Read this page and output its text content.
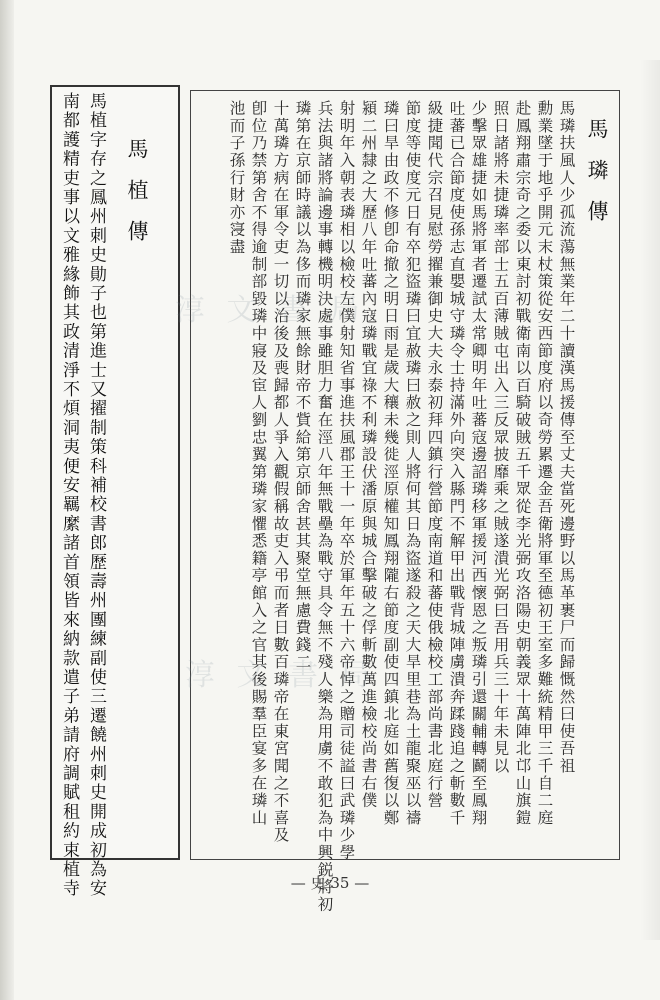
馬璘傳
馬璘扶風人少孤流蕩無業年二十讀漢馬援傳至丈夫當死邊野以馬革裹尸而歸慨然曰使吾祖
勳業墜于地乎開元末杖策從安西節度府以奇勞累遷金吾衛將軍至德初王室多難統精甲三千自二庭
赴鳳翔肅宗奇之委以東討初戰衛南以百騎破賊五千眾從李光弼攻洛陽史朝義眾十萬陣北邙山旗鎧
照日諸將未捷璘率部士五百薄賊屯出入三反眾披靡乘之賊遂潰光弼曰吾用兵三十年未見以
少擊眾雄捷如馬將軍者遷試太常卿明年吐蕃寇邊詔璘移軍援河西懷恩之叛璘引還關輔轉鬬至鳳翔
吐蕃已合節度使孫志直嬰城守璘令士持滿外向突入縣門不解甲出戰背城陣虜潰奔蹂踐追之斬數千
級捷聞代宗召見慰勞擢兼御史大夫永泰初拜四鎮行營節度南道和蕃使俄檢校工部尚書北庭行營
節度等使度元日有卒犯盜璘曰宜赦璘曰赦之則人將何其日為盜遂殺之天大旱里巷為土龍聚巫以禱
璘曰旱由政不修卽命撤之明日雨是歲大穰未幾徙涇原權知鳳翔隴右節度副使四鎮北庭如舊復以鄭
潁二州隸之大歷八年吐蕃內寇璘戰宜祿不利璘設伏潘原與城合擊破之俘斬數萬進檢校尚書右僕
射明年入朝表璘相以檢校左僕射知省事進扶風郡王十一年卒於軍年五十六帝悼之贈司徒謚曰武璘少學
兵法與諸將論邊事轉機明決處事雖胆力奮在涇八年無戰壘為戰守具令無不殘人樂為用虜不敢犯為中興鋭將初
璘第在京師時議以為侈而璘家無餘財帝不貲給第京師舍甚其聚堂無慮費錢二
十萬璘方病在軍令吏一切以治後及喪歸都人爭入觀假稱故吏入弔而者日數百璘帝在東宮聞之不喜及
卽位乃禁第舍不得逾制部毀璘中寢及宦人劉忠翼第璘家懼悉籍亭館入之官其後賜羣臣宴多在璘山
池而子孫行財亦寖盡
馬植傳
馬植字存之鳳州刺史勛子也第進士又擢制策科補校書郎歷壽州團練副使三遷饒州刺史開成初為安
南都護精吏事以文雅緣飾其政清淨不煩洞夷便安羈縻諸首領皆來納款遣子弟請府調賦租約束植寺	淳 文 書 局
淳 文 書 局
— 史 35 —
